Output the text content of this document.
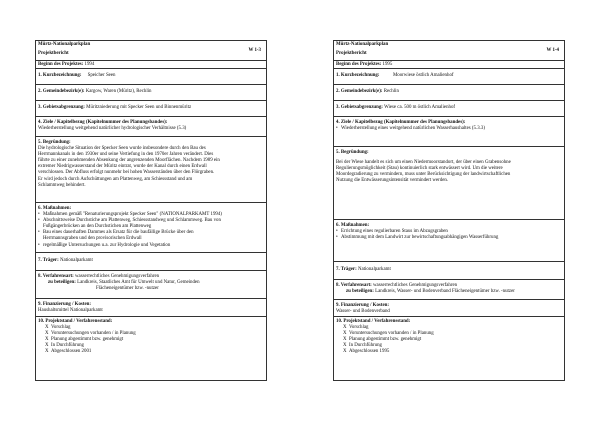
Mürtz-Nationalparkplan
Projektbericht
W 1-3
Beginn des Projektes: 1994
1. Kurzbezeichnung: Speicher Seen
2. Gemeindebezirk(e): Kargow, Waren (Müritz), Rechlin
3. Gebietsabgrenzung: Müritzniederung mit Specker Seen und Binnenmüritz
4. Ziele / Kapitelbezug (Kapitelnummer des Planungsbandes):
Wiederherstellung weitgehend natürlicher hydrologischer Verhältnisse (5.3)
5. Begründung:
Die hydrologische Situation der Specker Seen wurde insbesondere durch den Bau des
Herrmannkanals in den 1930er und seine Vertiefung in den 1970er Jahren verändert. Dies
führte zu einer zunehmenden Absenkung der angrenzenden Moorflächen. Nachdem 1989 ein
extremer Niedrigwasserstand der Müritz eintrat, wurde der Kanal durch einen Erdwall
verschlossen. Der Abfluss erfolgt nunmehr bei hohen Wasserständen über den Flörgraben.
Er wird jedoch durch Aufschüttungen am Plattenweg, am Schiessstand und am
Schlammweg behindert.
6. Maßnahmen:
• Maßnahmen gemäß "Renaturierungsprojekt Specker Seen" (NATIONALPARKAMT 1994)
• Abschnittsweise Durchstiche am Plattenweg, Schiessstandweg und Schlammweg. Bau von
Fußgängerbrücken an den Durchstichen am Plattenweg
• Bau eines dauerhaften Dammes als Ersatz für die baufällige Brücke über den
Herrmannsgraben und den provisorischen Erdwall
• regelmäßige Untersuchungen u.a. zur Hydrologie und Vegetation
7. Träger: Nationalparkamt
8. Verfahrensart: wasserrechtliches Genehmigungsverfahren
zu beteiligen: Landkreis, Staatliches Amt für Umwelt und Natur, Gemeinden
Flächeneigentümer bzw. -nutzer
9. Finanzierung / Kosten:
Haushaltsmittel Nationalparkamt
10. Projektstand / Verfahrensstand:
X Vorschlag
X Voruntersuchungen vorhanden / in Planung
X Planung abgestimmt bzw. genehmigt
X In Durchführung
X Abgeschlossen 2001
Mürtz-Nationalparkplan
Projektbericht
W 1-4
Beginn des Projektes: 1995
1. Kurzbezeichnung:	Moorwiese östlich Amalienhof
2. Gemeindebezirk(e): Rechlin
3. Gebietsabgrenzung: Wiese ca. 500 m östlich Amalienhof
4. Ziele / Kapitelbezug (Kapitelnummer des Planungsbandes):
• Wiederherstellung eines weitgehend natürlichen Wasserhaushaltes (5.3.3)
5. Begründung:
Bei der Wiese handelt es sich um einen Niedermoorstandort, der über einen Grabensohne
Regulierungsmöglichkeit (Stau) kontinuierlich stark entwässert wird. Um die weitere
Moordegradierung zu vermindern, muss unter Berücksichtigung der landwirtschaftlichen
Nutzung die Entwässerungsintensität vermindert werden.
6. Maßnahmen:
• Errichtung eines regulierbaren Staus im Abzugsgraben
• Abstimmung mit dem Landwirt zur bewirtschaftungsabhängigen Wasserführung
7. Träger: Nationalparkamt
8. Verfahrensart: wasserrechtliches Genehmigungsverfahren
zu beteiligen: Landkreis, Wasser- und Bodenverband Flächeneigentümer bzw. -nutzer
9. Finanzierung / Kosten:
Wasser- und Bodenverband
10. Projektstand / Verfahrensstand:
X Vorschlag
X Voruntersuchungen vorhanden / in Planung
X Planung abgestimmt bzw. genehmigt
X In Durchführung
X Abgeschlossen 1995
